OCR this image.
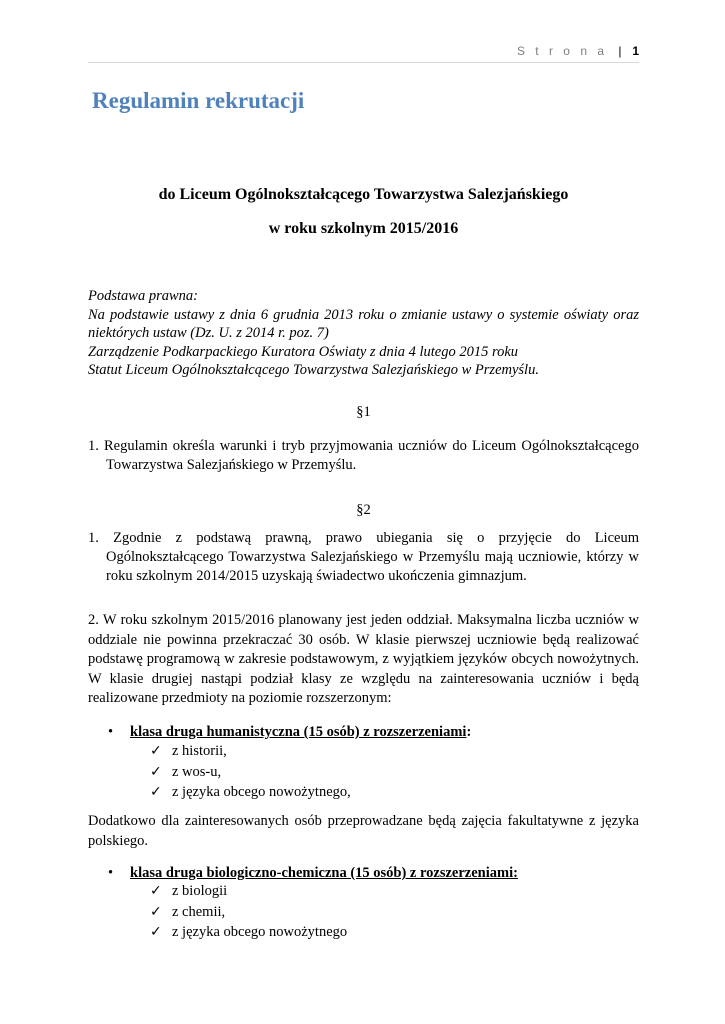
S t r o n a | 1
Regulamin rekrutacji

do Liceum Ogólnokształcącego Towarzystwa Salezjańskiego

w roku szkolnym 2015/2016

Podstawa prawna:

Na podstawie ustawy z dnia 6 grudnia 2013 roku o zmianie ustawy o systemie oświaty oraz niektórych ustaw (Dz. U. z 2014 r. poz. 7)

Zarządzenie Podkarpackiego Kuratora Oświaty z dnia 4 lutego 2015 roku

Statut Liceum Ogólnokształcącego Towarzystwa Salezjańskiego w Przemyślu.

§1
1. Regulamin określa warunki i tryb przyjmowania uczniów do Liceum Ogólnokształcącego Towarzystwa Salezjańskiego w Przemyślu.
§2
1. Zgodnie z podstawą prawną, prawo ubiegania się o przyjęcie do Liceum Ogólnokształcącego Towarzystwa Salezjańskiego w Przemyślu mają uczniowie, którzy w roku szkolnym 2014/2015 uzyskają świadectwo ukończenia gimnazjum.
2. W roku szkolnym 2015/2016 planowany jest jeden oddział. Maksymalna liczba uczniów w oddziale nie powinna przekraczać 30 osób. W klasie pierwszej uczniowie będą realizować podstawę programową w zakresie podstawowym, z wyjątkiem języków obcych nowożytnych. W klasie drugiej nastąpi podział klasy ze względu na zainteresowania uczniów i będą realizowane przedmioty na poziomie rozszerzonym:
• klasa druga humanistyczna (15 osób) z rozszerzeniami:
✓ z historii,
✓ z wos-u,
✓ z języka obcego nowożytnego,
Dodatkowo dla zainteresowanych osób przeprowadzane będą zajęcia fakultatywne z języka polskiego.
• klasa druga biologiczno-chemiczna (15 osób) z rozszerzeniami:
✓ z biologii
✓ z chemii,
✓ z języka obcego nowożytnego
